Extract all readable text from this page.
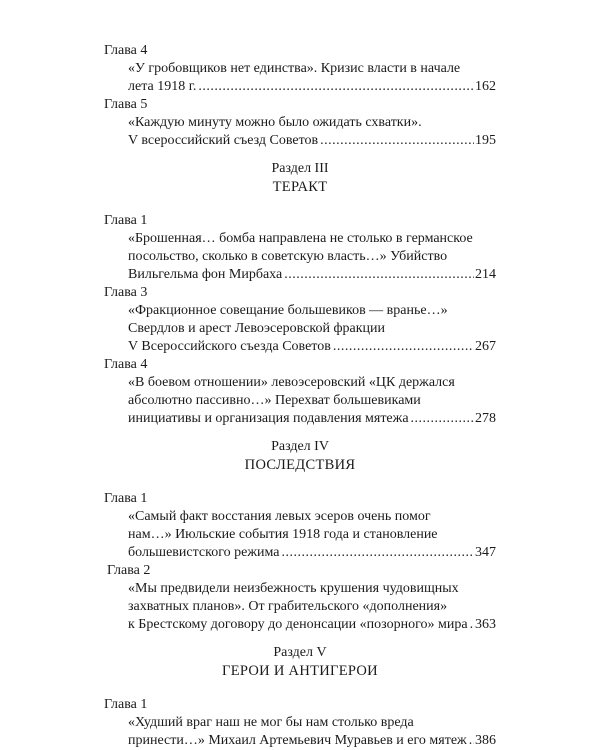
Глава 4
«У гробовщиков нет единства». Кризис власти в начале
лета 1918 г. .....	162
Глава 5
«Каждую минуту можно было ожидать схватки».
V всероссийский съезд Советов .....	195
Раздел III
ТЕРАКТ
Глава 1
«Брошенная… бомба направлена не столько в германское
посольство, сколько в советскую власть…» Убийство
Вильгельма фон Мирбаха .....	214
Глава 3
«Фракционное совещание большевиков — вранье…»
Свердлов и арест Левоэсеровской фракции
V Всероссийского съезда Советов .....	267
Глава 4
«В боевом отношении» левоэсеровский «ЦК держался
абсолютно пассивно…» Перехват большевиками
инициативы и организация подавления мятежа .....	278
Раздел IV
ПОСЛЕДСТВИЯ
Глава 1
«Самый факт восстания левых эсеров очень помог
нам…» Июльские события 1918 года и становление
большевистского режима .....	347
Глава 2
«Мы предвидели неизбежность крушения чудовищных
захватных планов». От грабительского «дополнения»
к Брестскому договору до денонсации «позорного» мира ..... 363
Раздел V
ГЕРОИ И АНТИГЕРОИ
Глава 1
«Худший враг наш не мог бы нам столько вреда
принести…» Михаил Артемьевич Муравьев и его мятеж ..... 386
